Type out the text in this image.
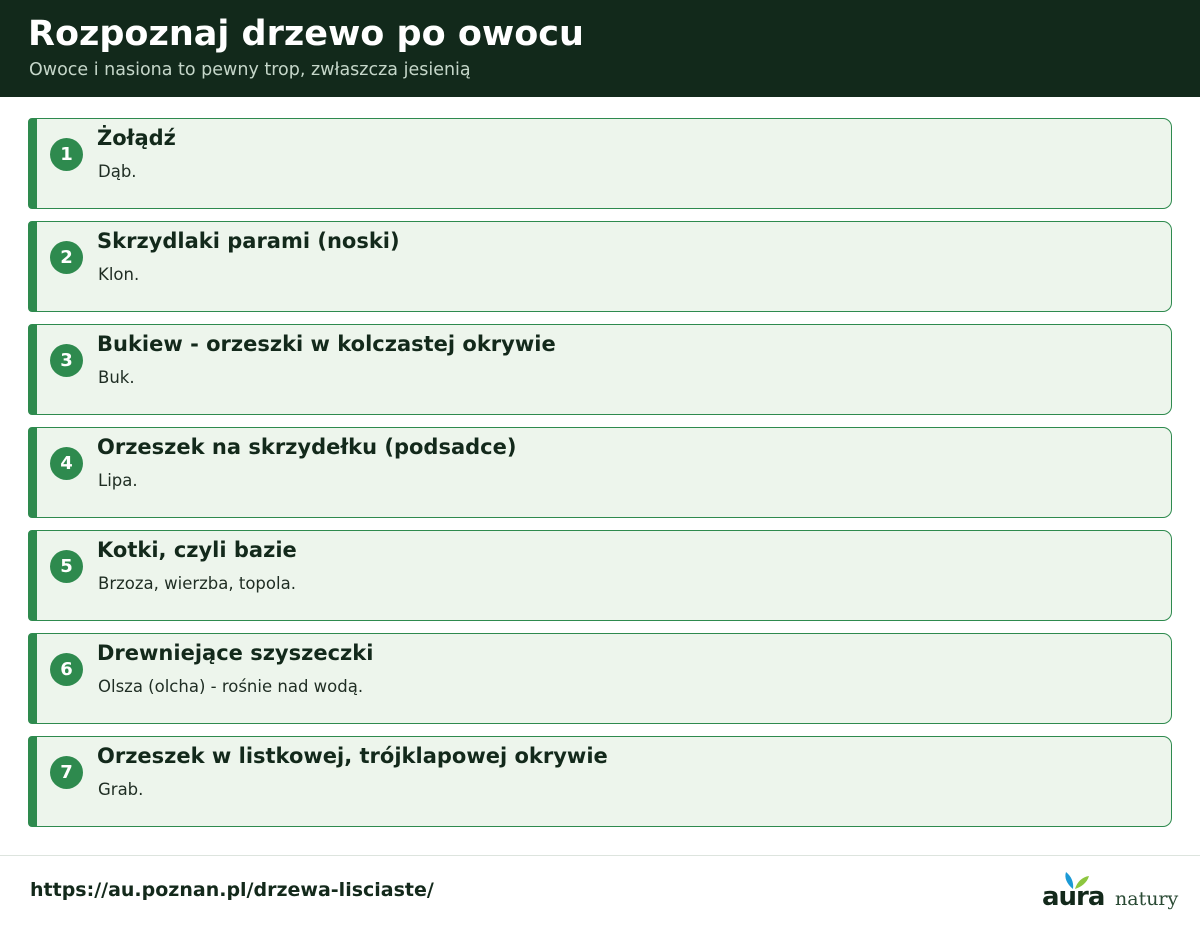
Rozpoznaj drzewo po owocu
Owoce i nasiona to pewny trop, zwłaszcza jesienią
1
Żołądź
Dąb.
2
Skrzydlaki parami (noski)
Klon.
3
Bukiew - orzeszki w kolczastej okrywie
Buk.
4
Orzeszek na skrzydełku (podsadce)
Lipa.
5
Kotki, czyli bazie
Brzoza, wierzba, topola.
6
Drewniejące szyszeczki
Olsza (olcha) - rośnie nad wodą.
7
Orzeszek w listkowej, trójklapowej okrywie
Grab.
https://au.poznan.pl/drzewa-lisciaste/	aura natury
